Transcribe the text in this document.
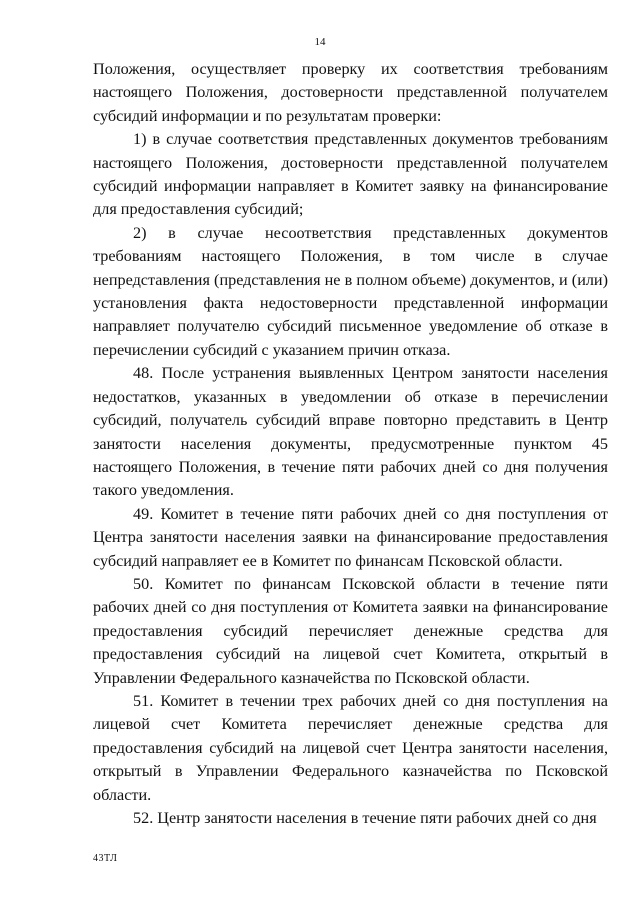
14

Положения, осуществляет проверку их соответствия требованиям настоящего Положения, достоверности представленной получателем субсидий информации и по результатам проверки:

1) в случае соответствия представленных документов требованиям настоящего Положения, достоверности представленной получателем субсидий информации направляет в Комитет заявку на финансирование для предоставления субсидий;

2) в случае несоответствия представленных документов требованиям настоящего Положения, в том числе в случае непредставления (представления не в полном объеме) документов, и (или) установления факта недостоверности представленной информации направляет получателю субсидий письменное уведомление об отказе в перечислении субсидий с указанием причин отказа.

48. После устранения выявленных Центром занятости населения недостатков, указанных в уведомлении об отказе в перечислении субсидий, получатель субсидий вправе повторно представить в Центр занятости населения документы, предусмотренные пунктом 45 настоящего Положения, в течение пяти рабочих дней со дня получения такого уведомления.

49. Комитет в течение пяти рабочих дней со дня поступления от Центра занятости населения заявки на финансирование предоставления субсидий направляет ее в Комитет по финансам Псковской области.

50. Комитет по финансам Псковской области в течение пяти рабочих дней со дня поступления от Комитета заявки на финансирование предоставления субсидий перечисляет денежные средства для предоставления субсидий на лицевой счет Комитета, открытый в Управлении Федерального казначейства по Псковской области.

51. Комитет в течении трех рабочих дней со дня поступления на лицевой счет Комитета перечисляет денежные средства для предоставления субсидий на лицевой счет Центра занятости населения, открытый в Управлении Федерального казначейства по Псковской области.

52. Центр занятости населения в течение пяти рабочих дней со дня

43ТЛ
